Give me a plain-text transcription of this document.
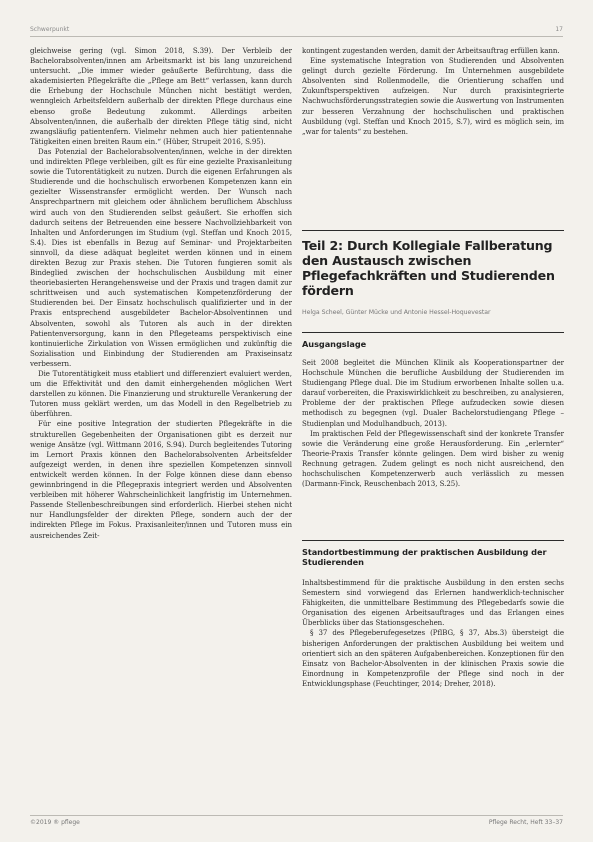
Schwerpunkt	17

gleichweise gering (vgl. Simon 2018, S.39). Der Verbleib der Bachelorabsolventen/innen am Arbeitsmarkt ist bis lang unzureichend untersucht. „Die immer wieder geäußerte Befürchtung, dass die akademisierten Pflegekräfte die „Pflege am Bett“ verlassen, kann durch die Erhebung der Hochschule München nicht bestätigt werden, wenngleich Arbeitsfeldern außerhalb der direkten Pflege durchaus eine ebenso große Bedeutung zukommt. Allerdings arbeiten Absolventen/innen, die außerhalb der direkten Pflege tätig sind, nicht zwangsläufig patientenfern. Vielmehr nehmen auch hier patientennahe Tätigkeiten einen breiten Raum ein.“ (Hüber, Strupeit 2016, S.95).

Das Potenzial der Bachelorabsolventen/innen, welche in der direkten und indirekten Pflege verbleiben, gilt es für eine gezielte Praxisanleitung sowie die Tutorentätigkeit zu nutzen. Durch die eigenen Erfahrungen als Studierende und die hochschulisch erworbenen Kompetenzen kann ein gezielter Wissenstransfer ermöglicht werden. Der Wunsch nach Ansprechpartnern mit gleichem oder ähnlichem beruflichem Abschluss wird auch von den Studierenden selbst geäußert. Sie erhoffen sich dadurch seitens der Betreuenden eine bessere Nachvollziehbarkeit von Inhalten und Anforderungen im Studium (vgl. Steffan und Knoch 2015, S.4). Dies ist ebenfalls in Bezug auf Seminar- und Projektarbeiten sinnvoll, da diese adäquat begleitet werden können und in einem direkten Bezug zur Praxis stehen. Die Tutoren fungieren somit als Bindeglied zwischen der hochschulischen Ausbildung mit einer theoriebasierten Herangehensweise und der Praxis und tragen damit zur schrittweisen und auch systematischen Kompetenzförderung der Studierenden bei. Der Einsatz hochschulisch qualifizierter und in der Praxis entsprechend ausgebildeter Bachelor-Absolventinnen und Absolventen, sowohl als Tutoren als auch in der direkten Patientenversorgung, kann in den Pflegeteams perspektivisch eine kontinuierliche Zirkulation von Wissen ermöglichen und zukünftig die Sozialisation und Einbindung der Studierenden am Praxiseinsatz verbessern.

Die Tutorentätigkeit muss etabliert und differenziert evaluiert werden, um die Effektivität und den damit einhergehenden möglichen Wert darstellen zu können. Die Finanzierung und strukturelle Verankerung der Tutoren muss geklärt werden, um das Modell in den Regelbetrieb zu überführen.

Für eine positive Integration der studierten Pflegekräfte in die strukturellen Gegebenheiten der Organisationen gibt es derzeit nur wenige Ansätze (vgl. Wittmann 2016, S.94). Durch begleitendes Tutoring im Lernort Praxis können den Bachelorabsolventen Arbeitsfelder aufgezeigt werden, in denen ihre speziellen Kompetenzen sinnvoll entwickelt werden können. In der Folge können diese dann ebenso gewinnbringend in die Pflegepraxis integriert werden und Absolventen verbleiben mit höherer Wahrscheinlichkeit langfristig im Unternehmen. Passende Stellenbeschreibungen sind erforderlich. Hierbei stehen nicht nur Handlungsfelder der direkten Pflege, sondern auch der der indirekten Pflege im Fokus. Praxisanleiter/innen und Tutoren muss ein ausreichendes Zeit-

kontingent zugestanden werden, damit der Arbeitsauftrag erfüllen kann.

Eine systematische Integration von Studierenden und Absolventen gelingt durch gezielte Förderung. Im Unternehmen ausgebildete Absolventen sind Rollenmodelle, die Orientierung schaffen und Zukunftsperspektiven aufzeigen. Nur durch praxisintegrierte Nachwuchsförderungsstrategien sowie die Auswertung von Instrumenten zur besseren Verzahnung der hochschulischen und praktischen Ausbildung (vgl. Steffan und Knoch 2015, S.7), wird es möglich sein, im „war for talents“ zu bestehen.

Teil 2: Durch Kollegiale Fallberatung den Austausch zwischen Pflegefachkräften und Studierenden fördern
Helga Scheel, Günter Mücke und Antonie Hessel-Hoquevestar
Ausgangslage

Seit 2008 begleitet die München Klinik als Kooperationspartner der Hochschule München die berufliche Ausbildung der Studierenden im Studiengang Pflege dual. Die im Studium erworbenen Inhalte sollen u.a. darauf vorbereiten, die Praxiswirklichkeit zu beschreiben, zu analysieren, Probleme der der praktischen Pflege aufzudecken sowie diesen methodisch zu begegnen (vgl. Dualer Bachelorstudiengang Pflege – Studienplan und Modulhandbuch, 2013).

Im praktischen Feld der Pflegewissenschaft sind der konkrete Transfer sowie die Veränderung eine große Herausforderung. Ein „erlernter“ Theorie-Praxis Transfer könnte gelingen. Dem wird bisher zu wenig Rechnung getragen. Zudem gelingt es noch nicht ausreichend, den hochschulischen Kompetenzerwerb auch verlässlich zu messen (Darmann-Finck, Reuschenbach 2013, S.25).

Standortbestimmung der praktischen Ausbildung der Studierenden

Inhaltsbestimmend für die praktische Ausbildung in den ersten sechs Semestern sind vorwiegend das Erlernen handwerklich-technischer Fähigkeiten, die unmittelbare Bestimmung des Pflegebedarfs sowie die Organisation des eigenen Arbeitsauftrages und das Erlangen eines Überblicks über das Stationsgeschehen.

§ 37 des Pflegeberufegesetzes (PflBG, § 37, Abs.3) übersteigt die bisherigen Anforderungen der praktischen Ausbildung bei weitem und orientiert sich an den späteren Aufgabenbereichen. Konzeptionen für den Einsatz von Bachelor-Absolventen in der klinischen Praxis sowie die Einordnung in Kompetenzprofile der Pflege sind noch in der Entwicklungsphase (Feuchtinger, 2014; Dreher, 2018).

©2019 ® pflege	Pflege Recht, Heft 33–37
